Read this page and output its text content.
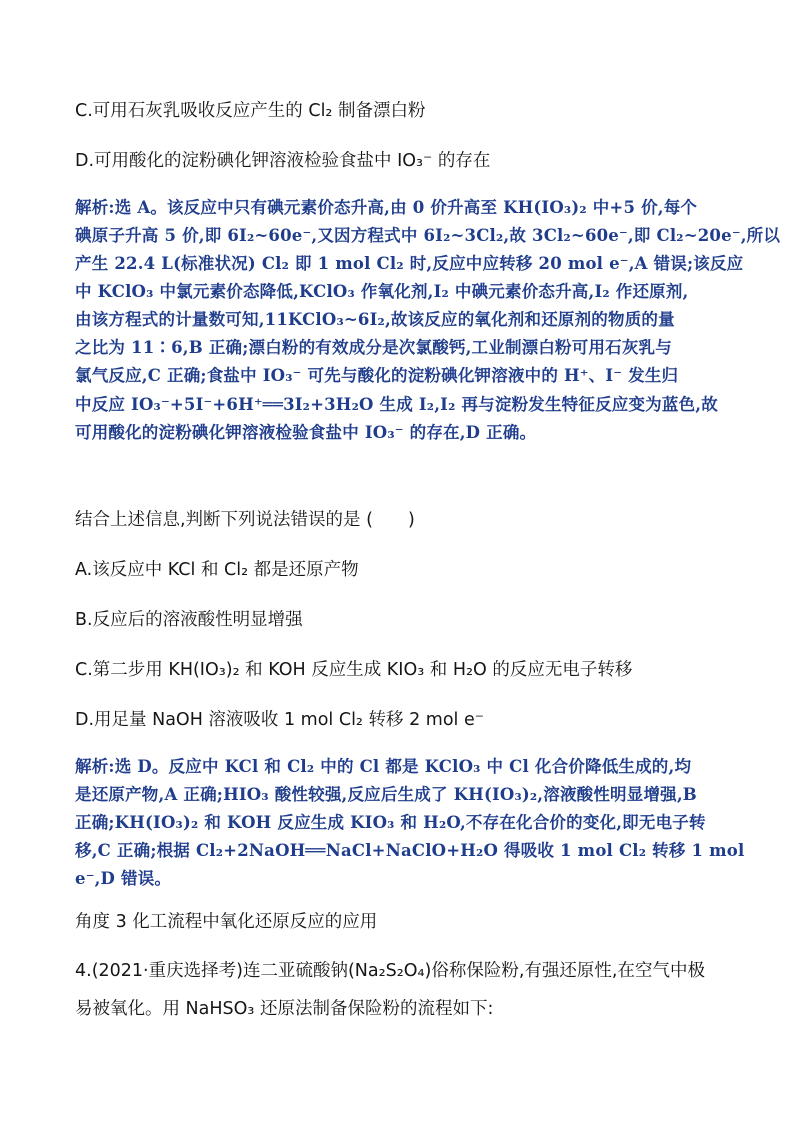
C.可用石灰乳吸收反应产生的 Cl₂ 制备漂白粉
D.可用酸化的淀粉碘化钾溶液检验食盐中 IO₃⁻ 的存在
解析:选 A。该反应中只有碘元素价态升高,由 0 价升高至 KH(IO₃)₂ 中+5 价,每个
碘原子升高 5 价,即 6I₂~60e⁻,又因方程式中 6I₂~3Cl₂,故 3Cl₂~60e⁻,即 Cl₂~20e⁻,所以
产生 22.4 L(标准状况) Cl₂ 即 1 mol Cl₂ 时,反应中应转移 20 mol e⁻,A 错误;该反应
中 KClO₃ 中氯元素价态降低,KClO₃ 作氧化剂,I₂ 中碘元素价态升高,I₂ 作还原剂,
由该方程式的计量数可知,11KClO₃~6I₂,故该反应的氧化剂和还原剂的物质的量
之比为 11∶6,B 正确;漂白粉的有效成分是次氯酸钙,工业制漂白粉可用石灰乳与
氯气反应,C 正确;食盐中 IO₃⁻ 可先与酸化的淀粉碘化钾溶液中的 H⁺、I⁻ 发生归
中反应 IO₃⁻+5I⁻+6H⁺══3I₂+3H₂O 生成 I₂,I₂ 再与淀粉发生特征反应变为蓝色,故
可用酸化的淀粉碘化钾溶液检验食盐中 IO₃⁻ 的存在,D 正确。
结合上述信息,判断下列说法错误的是 (　　)
A.该反应中 KCl 和 Cl₂ 都是还原产物
B.反应后的溶液酸性明显增强
C.第二步用 KH(IO₃)₂ 和 KOH 反应生成 KIO₃ 和 H₂O 的反应无电子转移
D.用足量 NaOH 溶液吸收 1 mol Cl₂ 转移 2 mol e⁻
解析:选 D。反应中 KCl 和 Cl₂ 中的 Cl 都是 KClO₃ 中 Cl 化合价降低生成的,均
是还原产物,A 正确;HIO₃ 酸性较强,反应后生成了 KH(IO₃)₂,溶液酸性明显增强,B
正确;KH(IO₃)₂ 和 KOH 反应生成 KIO₃ 和 H₂O,不存在化合价的变化,即无电子转
移,C 正确;根据 Cl₂+2NaOH══NaCl+NaClO+H₂O 得吸收 1 mol Cl₂ 转移 1 mol
e⁻,D 错误。
角度 3 化工流程中氧化还原反应的应用
4.(2021·重庆选择考)连二亚硫酸钠(Na₂S₂O₄)俗称保险粉,有强还原性,在空气中极
易被氧化。用 NaHSO₃ 还原法制备保险粉的流程如下:
